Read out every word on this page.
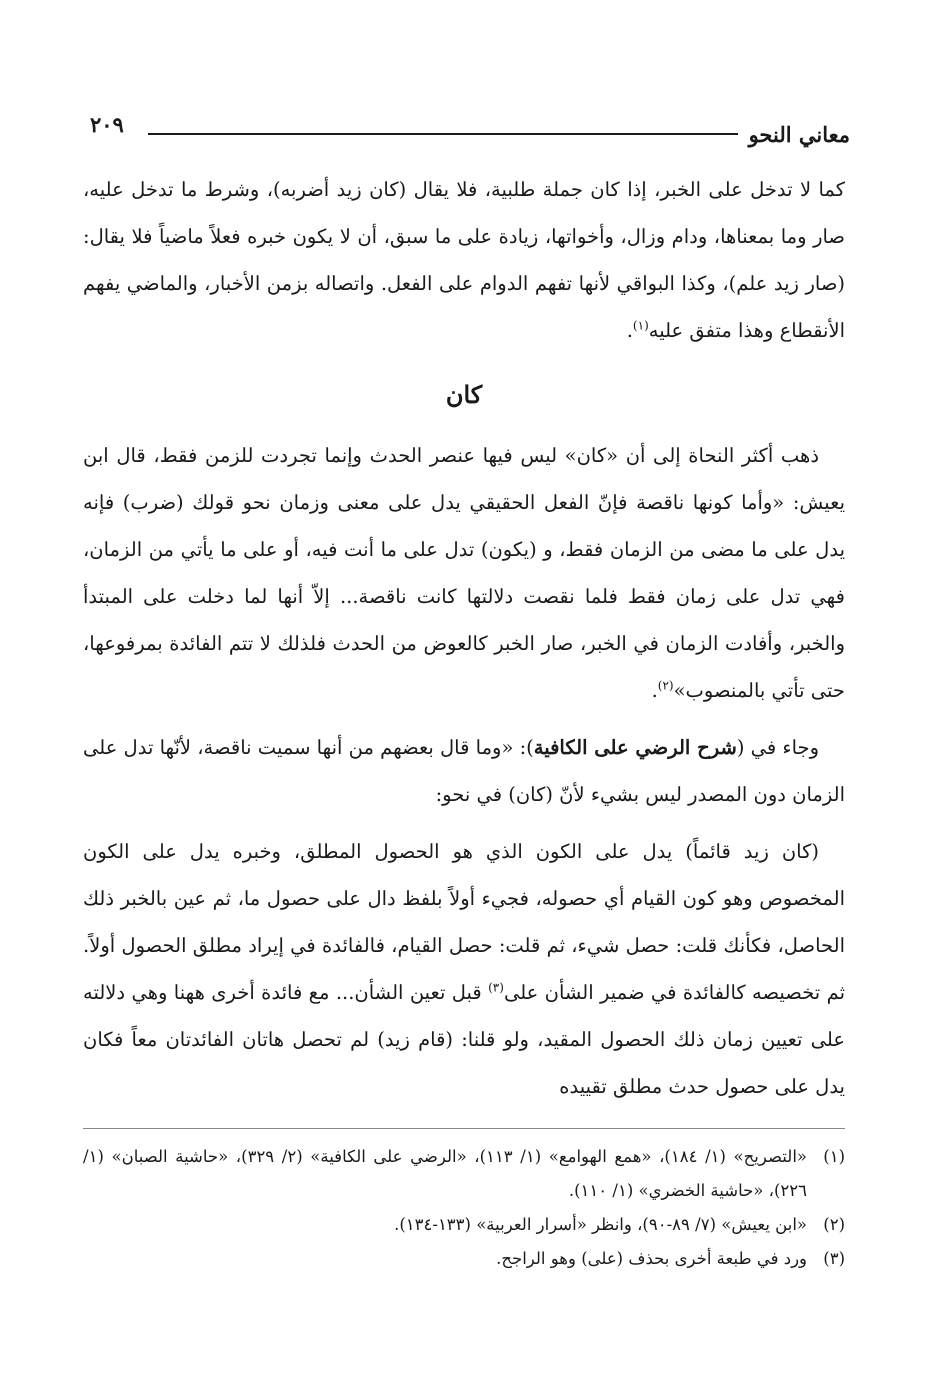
معاني النحو
٢٠٩

كما لا تدخل على الخبر، إذا كان جملة طلبية، فلا يقال (كان زيد أضربه)، وشرط ما تدخل عليه، صار وما بمعناها، ودام وزال، وأخواتها، زيادة على ما سبق، أن لا يكون خبره فعلاً ماضياً فلا يقال: (صار زيد علم)، وكذا البواقي لأنها تفهم الدوام على الفعل. واتصاله بزمن الأخبار، والماضي يفهم الأنقطاع وهذا متفق عليه$^{(١)}$.

كان

ذهب أكثر النحاة إلى أن «كان» ليس فيها عنصر الحدث وإنما تجردت للزمن فقط، قال ابن يعيش: «وأما كونها ناقصة فإنّ الفعل الحقيقي يدل على معنى وزمان نحو قولك (ضرب) فإنه يدل على ما مضى من الزمان فقط، و (يكون) تدل على ما أنت فيه، أو على ما يأتي من الزمان، فهي تدل على زمان فقط فلما نقصت دلالتها كانت ناقصة... إلاّ أنها لما دخلت على المبتدأ والخبر، وأفادت الزمان في الخبر، صار الخبر كالعوض من الحدث فلذلك لا تتم الفائدة بمرفوعها، حتى تأتي بالمنصوب»$^{(٢)}$.

وجاء في (شرح الرضي على الكافية): «وما قال بعضهم من أنها سميت ناقصة، لأنّها تدل على الزمان دون المصدر ليس بشيء لأنّ (كان) في نحو:

(كان زيد قائماً) يدل على الكون الذي هو الحصول المطلق، وخبره يدل على الكون المخصوص وهو كون القيام أي حصوله، فجيء أولاً بلفظ دال على حصول ما، ثم عين بالخبر ذلك الحاصل، فكأنك قلت: حصل شيء، ثم قلت: حصل القيام، فالفائدة في إيراد مطلق الحصول أولاً. ثم تخصيصه كالفائدة في ضمير الشأن على$^{(٣)}$ قبل تعين الشأن... مع فائدة أخرى ههنا وهي دلالته على تعيين زمان ذلك الحصول المقيد، ولو قلنا: (قام زيد) لم تحصل هاتان الفائدتان معاً فكان يدل على حصول حدث مطلق تقييده

(١)
«التصريح» (١/ ١٨٤)، «همع الهوامع» (١/ ١١٣)، «الرضي على الكافية» (٢/ ٣٢٩)، «حاشية الصبان» (١/ ٢٢٦)، «حاشية الخضري» (١/ ١١٠).
(٢)
«ابن يعيش» (٧/ ٨٩-٩٠)، وانظر «أسرار العربية» (١٣٣-١٣٤).
(٣)
ورد في طبعة أخرى بحذف (على) وهو الراجح.
